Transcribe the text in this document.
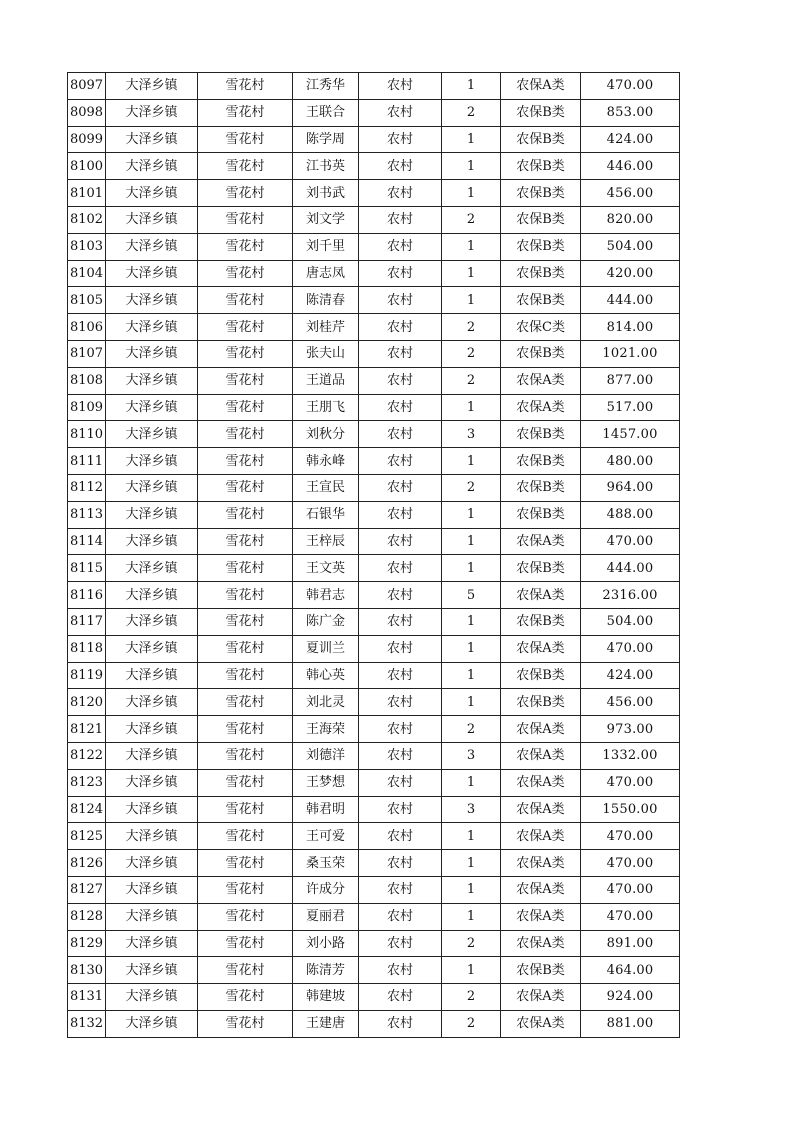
8097	大泽乡镇	雪花村	江秀华	农村	1	农保A类	470.00
8098	大泽乡镇	雪花村	王联合	农村	2	农保B类	853.00
8099	大泽乡镇	雪花村	陈学周	农村	1	农保B类	424.00
8100	大泽乡镇	雪花村	江书英	农村	1	农保B类	446.00
8101	大泽乡镇	雪花村	刘书武	农村	1	农保B类	456.00
8102	大泽乡镇	雪花村	刘文学	农村	2	农保B类	820.00
8103	大泽乡镇	雪花村	刘千里	农村	1	农保B类	504.00
8104	大泽乡镇	雪花村	唐志凤	农村	1	农保B类	420.00
8105	大泽乡镇	雪花村	陈清春	农村	1	农保B类	444.00
8106	大泽乡镇	雪花村	刘桂芹	农村	2	农保C类	814.00
8107	大泽乡镇	雪花村	张夫山	农村	2	农保B类	1021.00
8108	大泽乡镇	雪花村	王道品	农村	2	农保A类	877.00
8109	大泽乡镇	雪花村	王朋飞	农村	1	农保A类	517.00
8110	大泽乡镇	雪花村	刘秋分	农村	3	农保B类	1457.00
8111	大泽乡镇	雪花村	韩永峰	农村	1	农保B类	480.00
8112	大泽乡镇	雪花村	王宣民	农村	2	农保B类	964.00
8113	大泽乡镇	雪花村	石银华	农村	1	农保B类	488.00
8114	大泽乡镇	雪花村	王梓辰	农村	1	农保A类	470.00
8115	大泽乡镇	雪花村	王文英	农村	1	农保B类	444.00
8116	大泽乡镇	雪花村	韩君志	农村	5	农保A类	2316.00
8117	大泽乡镇	雪花村	陈广金	农村	1	农保B类	504.00
8118	大泽乡镇	雪花村	夏训兰	农村	1	农保A类	470.00
8119	大泽乡镇	雪花村	韩心英	农村	1	农保B类	424.00
8120	大泽乡镇	雪花村	刘北灵	农村	1	农保B类	456.00
8121	大泽乡镇	雪花村	王海荣	农村	2	农保A类	973.00
8122	大泽乡镇	雪花村	刘德洋	农村	3	农保A类	1332.00
8123	大泽乡镇	雪花村	王梦想	农村	1	农保A类	470.00
8124	大泽乡镇	雪花村	韩君明	农村	3	农保A类	1550.00
8125	大泽乡镇	雪花村	王可爱	农村	1	农保A类	470.00
8126	大泽乡镇	雪花村	桑玉荣	农村	1	农保A类	470.00
8127	大泽乡镇	雪花村	许成分	农村	1	农保A类	470.00
8128	大泽乡镇	雪花村	夏丽君	农村	1	农保A类	470.00
8129	大泽乡镇	雪花村	刘小路	农村	2	农保A类	891.00
8130	大泽乡镇	雪花村	陈清芳	农村	1	农保B类	464.00
8131	大泽乡镇	雪花村	韩建坡	农村	2	农保A类	924.00
8132	大泽乡镇	雪花村	王建唐	农村	2	农保A类	881.00
